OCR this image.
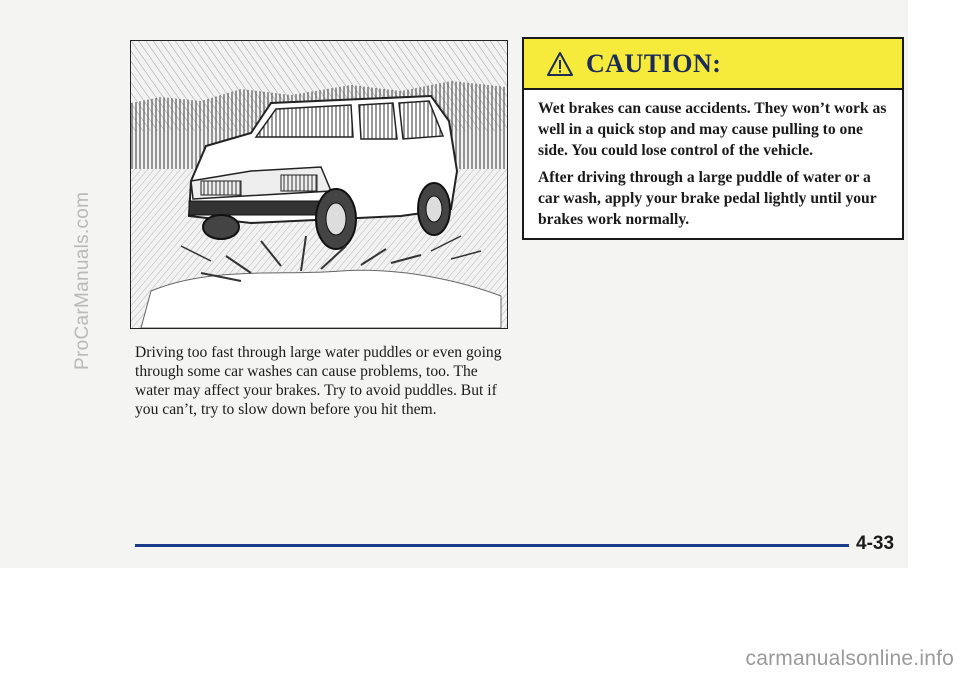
ProCarManuals.com	Driving too fast through large water puddles or even going through some car washes can cause problems, too. The water may affect your brakes. Try to avoid puddles. But if you can’t, try to slow down before you hit them.

CAUTION:

Wet brakes can cause accidents. They won’t work as well in a quick stop and may cause pulling to one side. You could lose control of the vehicle.

After driving through a large puddle of water or a car wash, apply your brake pedal lightly until your brakes work normally.

4-33
carmanualsonline.info
